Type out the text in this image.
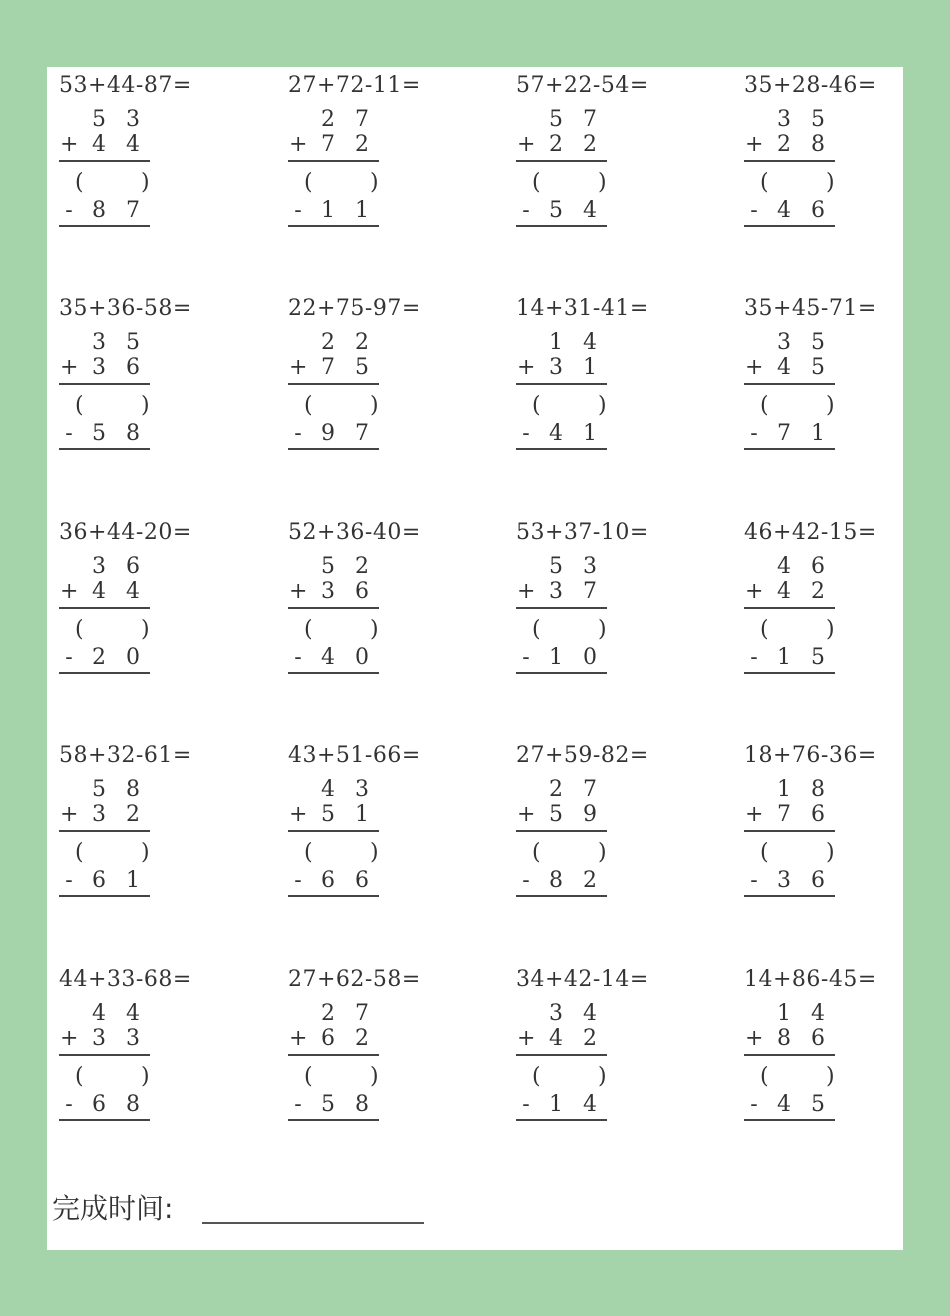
53+44-87=
5 3
+ 4 4
(	)
- 8 7
27+72-11=
2 7
+ 7 2
(	)
- 1 1
57+22-54=
5 7
+ 2 2
(	)
- 5 4
35+28-46=
3 5
+ 2 8
(	)
- 4 6
35+36-58=
3 5
+ 3 6
(	)
- 5 8
22+75-97=
2 2
+ 7 5
(	)
- 9 7
14+31-41=
1 4
+ 3 1
(	)
- 4 1
35+45-71=
3 5
+ 4 5
(	)
- 7 1
36+44-20=
3 6
+ 4 4
(	)
- 2 0
52+36-40=
5 2
+ 3 6
(	)
- 4 0
53+37-10=
5 3
+ 3 7
(	)
- 1 0
46+42-15=
4 6
+ 4 2
(	)
- 1 5
58+32-61=
5 8
+ 3 2
(	)
- 6 1
43+51-66=
4 3
+ 5 1
(	)
- 6 6
27+59-82=
2 7
+ 5 9
(	)
- 8 2
18+76-36=
1 8
+ 7 6
(	)
- 3 6
44+33-68=
4 4
+ 3 3
(	)
- 6 8
27+62-58=
2 7
+ 6 2
(	)
- 5 8
34+42-14=
3 4
+ 4 2
(	)
- 1 4
14+86-45=
1 4
+ 8 6
(	)
- 4 5
完成时间:
